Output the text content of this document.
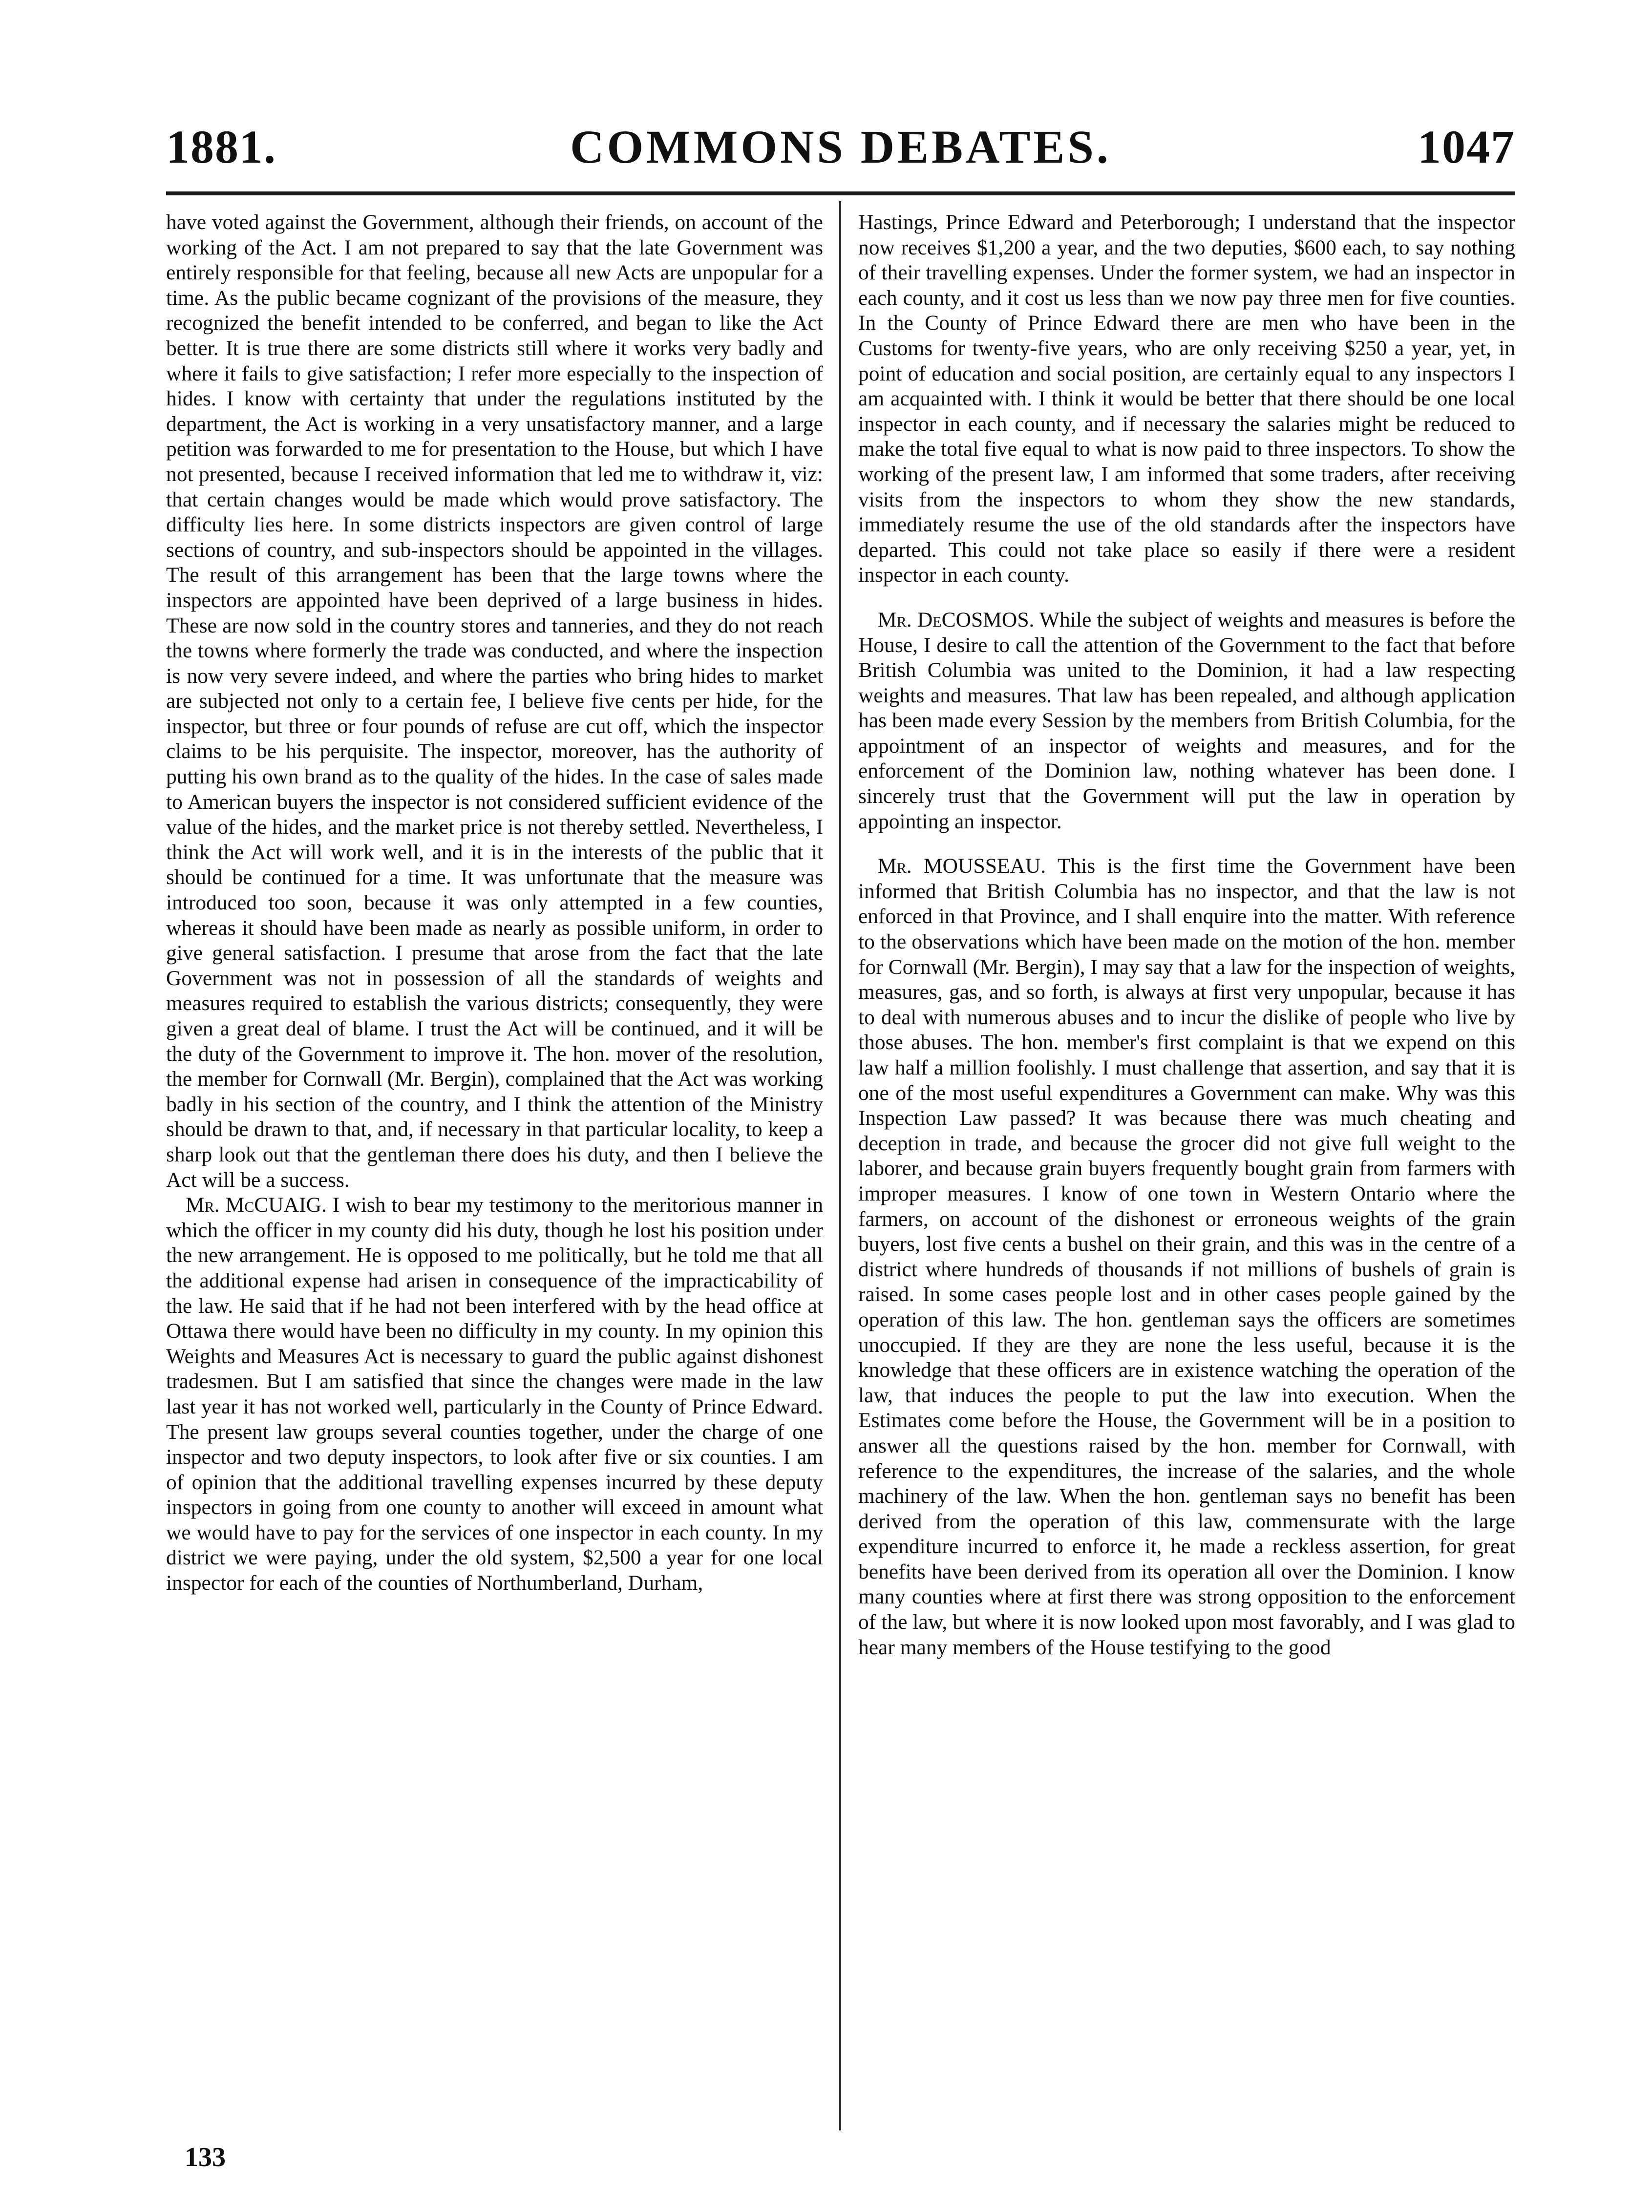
COMMONS DEBATES.
1881.	1047

have voted against the Government, although their friends, on account of the working of the Act. I am not prepared to say that the late Government was entirely responsible for that feeling, because all new Acts are unpopular for a time. As the public became cognizant of the provisions of the measure, they recognized the benefit intended to be conferred, and began to like the Act better. It is true there are some districts still where it works very badly and where it fails to give satisfaction; I refer more especially to the inspection of hides. I know with certainty that under the regulations instituted by the department, the Act is working in a very unsatisfactory manner, and a large petition was forwarded to me for presentation to the House, but which I have not presented, because I received information that led me to withdraw it, viz: that certain changes would be made which would prove satisfactory. The difficulty lies here. In some districts inspectors are given control of large sections of country, and sub-inspectors should be appointed in the villages. The result of this arrangement has been that the large towns where the inspectors are appointed have been deprived of a large business in hides. These are now sold in the country stores and tanneries, and they do not reach the towns where formerly the trade was conducted, and where the inspection is now very severe indeed, and where the parties who bring hides to market are subjected not only to a certain fee, I believe five cents per hide, for the inspector, but three or four pounds of refuse are cut off, which the inspector claims to be his perquisite. The inspector, moreover, has the authority of putting his own brand as to the quality of the hides. In the case of sales made to American buyers the inspector is not considered sufficient evidence of the value of the hides, and the market price is not thereby settled. Nevertheless, I think the Act will work well, and it is in the interests of the public that it should be continued for a time. It was unfortunate that the measure was introduced too soon, because it was only attempted in a few counties, whereas it should have been made as nearly as possible uniform, in order to give general satisfaction. I presume that arose from the fact that the late Government was not in possession of all the standards of weights and measures required to establish the various districts; consequently, they were given a great deal of blame. I trust the Act will be continued, and it will be the duty of the Government to improve it. The hon. mover of the resolution, the member for Cornwall (Mr. Bergin), complained that the Act was working badly in his section of the country, and I think the attention of the Ministry should be drawn to that, and, if necessary in that particular locality, to keep a sharp look out that the gentleman there does his duty, and then I believe the Act will be a success.

Mr. McCUAIG. I wish to bear my testimony to the meritorious manner in which the officer in my county did his duty, though he lost his position under the new arrangement. He is opposed to me politically, but he told me that all the additional expense had arisen in consequence of the impracticability of the law. He said that if he had not been interfered with by the head office at Ottawa there would have been no difficulty in my county. In my opinion this Weights and Measures Act is necessary to guard the public against dishonest tradesmen. But I am satisfied that since the changes were made in the law last year it has not worked well, particularly in the County of Prince Edward. The present law groups several counties together, under the charge of one inspector and two deputy inspectors, to look after five or six counties. I am of opinion that the additional travelling expenses incurred by these deputy inspectors in going from one county to another will exceed in amount what we would have to pay for the services of one inspector in each county. In my district we were paying, under the old system, $2,500 a year for one local inspector for each of the counties of Northumberland, Durham,

Hastings, Prince Edward and Peterborough; I understand that the inspector now receives $1,200 a year, and the two deputies, $600 each, to say nothing of their travelling expenses. Under the former system, we had an inspector in each county, and it cost us less than we now pay three men for five counties. In the County of Prince Edward there are men who have been in the Customs for twenty-five years, who are only receiving $250 a year, yet, in point of education and social position, are certainly equal to any inspectors I am acquainted with. I think it would be better that there should be one local inspector in each county, and if necessary the salaries might be reduced to make the total five equal to what is now paid to three inspectors. To show the working of the present law, I am informed that some traders, after receiving visits from the inspectors to whom they show the new standards, immediately resume the use of the old standards after the inspectors have departed. This could not take place so easily if there were a resident inspector in each county.

Mr. DeCOSMOS. While the subject of weights and measures is before the House, I desire to call the attention of the Government to the fact that before British Columbia was united to the Dominion, it had a law respecting weights and measures. That law has been repealed, and although application has been made every Session by the members from British Columbia, for the appointment of an inspector of weights and measures, and for the enforcement of the Dominion law, nothing whatever has been done. I sincerely trust that the Government will put the law in operation by appointing an inspector.

Mr. MOUSSEAU. This is the first time the Government have been informed that British Columbia has no inspector, and that the law is not enforced in that Province, and I shall enquire into the matter. With reference to the observations which have been made on the motion of the hon. member for Cornwall (Mr. Bergin), I may say that a law for the inspection of weights, measures, gas, and so forth, is always at first very unpopular, because it has to deal with numerous abuses and to incur the dislike of people who live by those abuses. The hon. member's first complaint is that we expend on this law half a million foolishly. I must challenge that assertion, and say that it is one of the most useful expenditures a Government can make. Why was this Inspection Law passed? It was because there was much cheating and deception in trade, and because the grocer did not give full weight to the laborer, and because grain buyers frequently bought grain from farmers with improper measures. I know of one town in Western Ontario where the farmers, on account of the dishonest or erroneous weights of the grain buyers, lost five cents a bushel on their grain, and this was in the centre of a district where hundreds of thousands if not millions of bushels of grain is raised. In some cases people lost and in other cases people gained by the operation of this law. The hon. gentleman says the officers are sometimes unoccupied. If they are they are none the less useful, because it is the knowledge that these officers are in existence watching the operation of the law, that induces the people to put the law into execution. When the Estimates come before the House, the Government will be in a position to answer all the questions raised by the hon. member for Cornwall, with reference to the expenditures, the increase of the salaries, and the whole machinery of the law. When the hon. gentleman says no benefit has been derived from the operation of this law, commensurate with the large expenditure incurred to enforce it, he made a reckless assertion, for great benefits have been derived from its operation all over the Dominion. I know many counties where at first there was strong opposition to the enforcement of the law, but where it is now looked upon most favorably, and I was glad to hear many members of the House testifying to the good

133
